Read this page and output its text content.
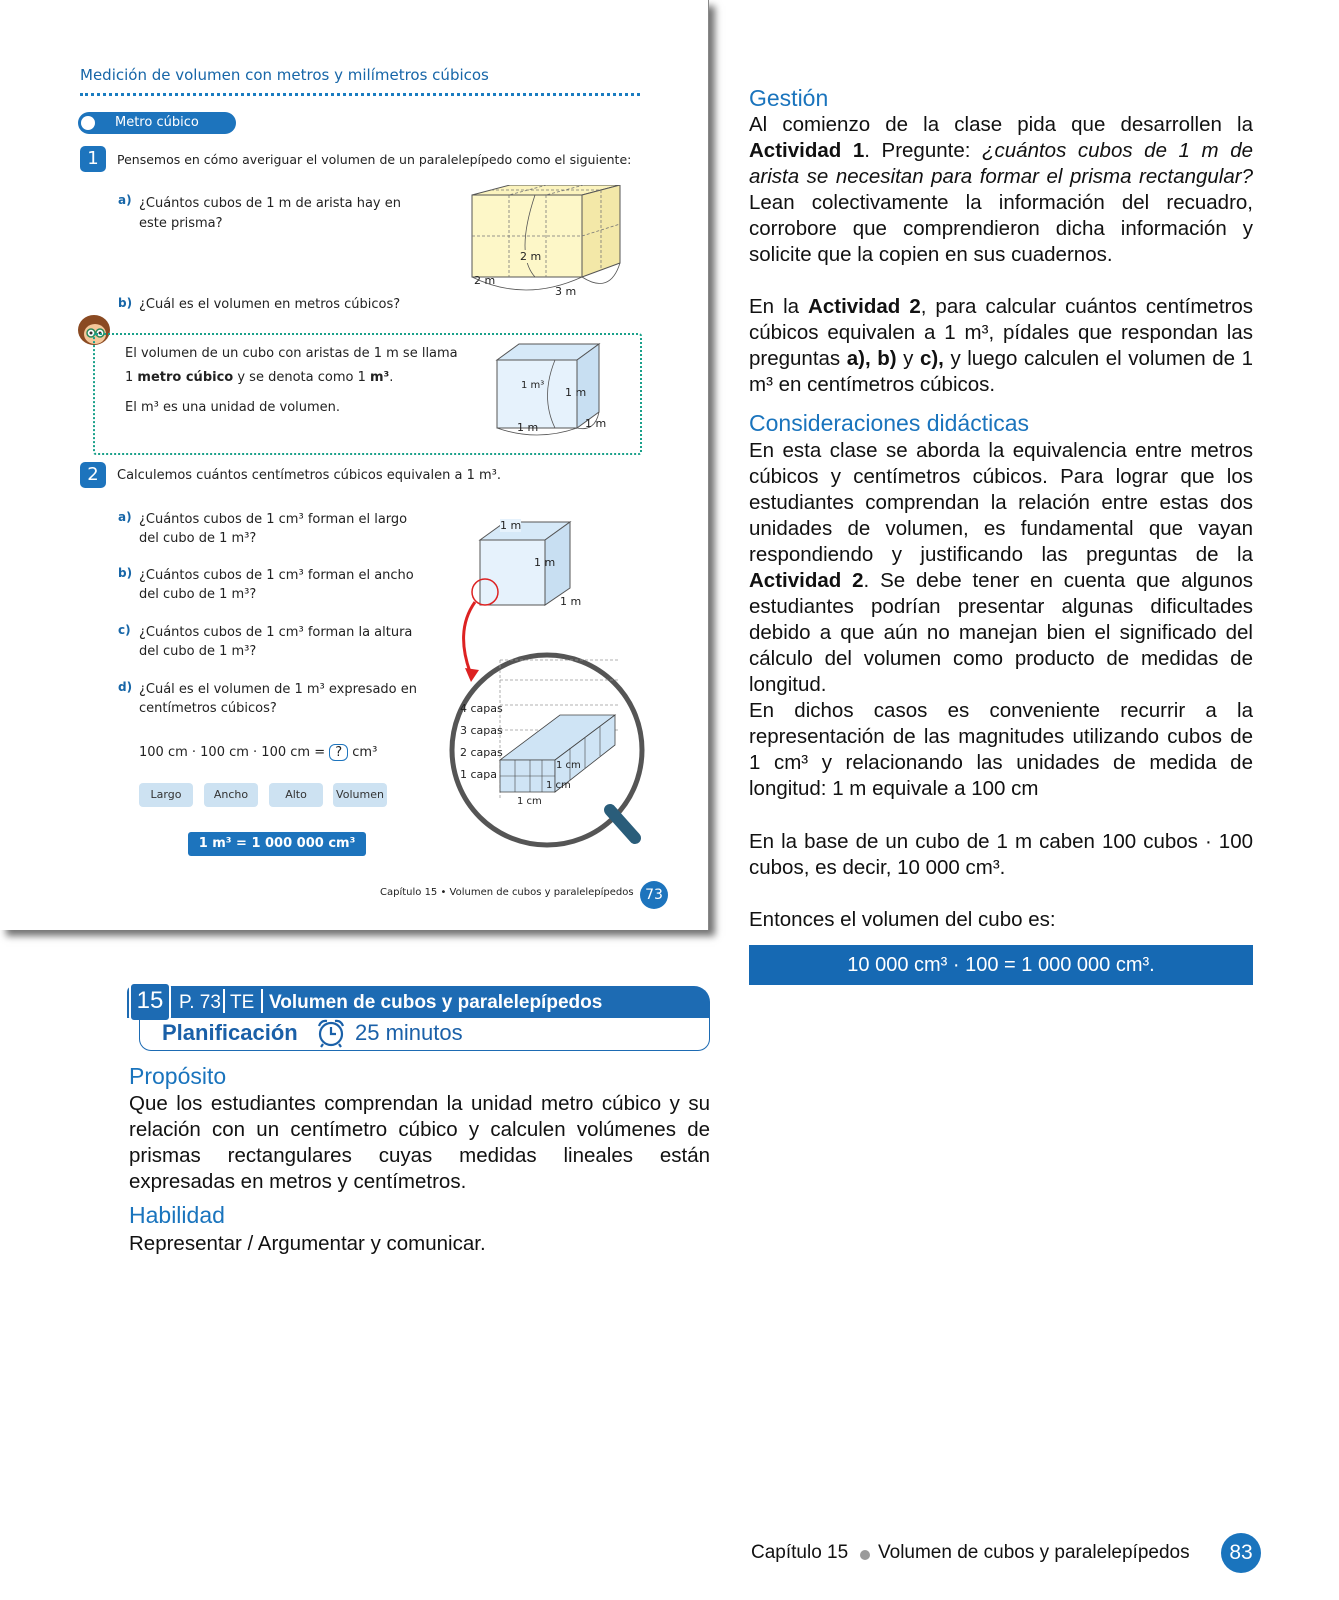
Medición de volumen con metros y milímetros cúbicos
Metro cúbico
1	Pensemos en cómo averiguar el volumen de un paralelepípedo como el siguiente:
a) ¿Cuántos cubos de 1 m de arista hay en este prisma?
b) ¿Cuál es el volumen en metros cúbicos?
2 m
2 m
3 m
El volumen de un cubo con aristas de 1 m se llama
1 metro cúbico y se denota como 1 m³.
El m³ es una unidad de volumen.
1 m³
1 m
1 m	1 m
2	Calculemos cuántos centímetros cúbicos equivalen a 1 m³.
a) ¿Cuántos cubos de 1 cm³ forman el largo del cubo de 1 m³?
b) ¿Cuántos cubos de 1 cm³ forman el ancho del cubo de 1 m³?
c) ¿Cuántos cubos de 1 cm³ forman la altura del cubo de 1 m³?
d) ¿Cuál es el volumen de 1 m³ expresado en centímetros cúbicos?
100 cm · 100 cm · 100 cm = ? cm³
Largo	Ancho	Alto	Volumen
1 m³ = 1 000 000 cm³
1 m
1 m
1 m
4 capas
3 capas
2 capas
1 capa
1 cm
1 cm
1 cm
Capítulo 15 • Volumen de cubos y paralelepípedos 73
15 P. 73 TE Volumen de cubos y paralelepípedos
Planificación	25 minutos
Propósito

Que los estudiantes comprendan la unidad metro cúbico y su relación con un centímetro cúbico y calculen volúmenes de prismas rectangulares cuyas medidas lineales están expresadas en metros y centímetros.

Habilidad

Representar / Argumentar y comunicar.

Gestión

Al comienzo de la clase pida que desarrollen la Actividad 1. Pregunte: ¿cuántos cubos de 1 m de arista se necesitan para formar el prisma rectangular? Lean colectivamente la información del recuadro, corrobore que comprendieron dicha información y solicite que la copien en sus cuadernos.

En la Actividad 2, para calcular cuántos centímetros cúbicos equivalen a 1 m³, pídales que respondan las preguntas a), b) y c), y luego calculen el volumen de 1 m³ en centímetros cúbicos.

Consideraciones didácticas

En esta clase se aborda la equivalencia entre metros cúbicos y centímetros cúbicos. Para lograr que los estudiantes comprendan la relación entre estas dos unidades de volumen, es fundamental que vayan respondiendo y justificando las preguntas de la Actividad 2. Se debe tener en cuenta que algunos estudiantes podrían presentar algunas dificultades debido a que aún no manejan bien el significado del cálculo del volumen como producto de medidas de longitud.

En dichos casos es conveniente recurrir a la representación de las magnitudes utilizando cubos de 1 cm³ y relacionando las unidades de medida de longitud: 1 m equivale a 100 cm

En la base de un cubo de 1 m caben 100 cubos · 100 cubos, es decir, 10 000 cm³.

Entonces el volumen del cubo es:

10 000 cm³ · 100 = 1 000 000 cm³.
Capítulo 15 Volumen de cubos y paralelepípedos	83
